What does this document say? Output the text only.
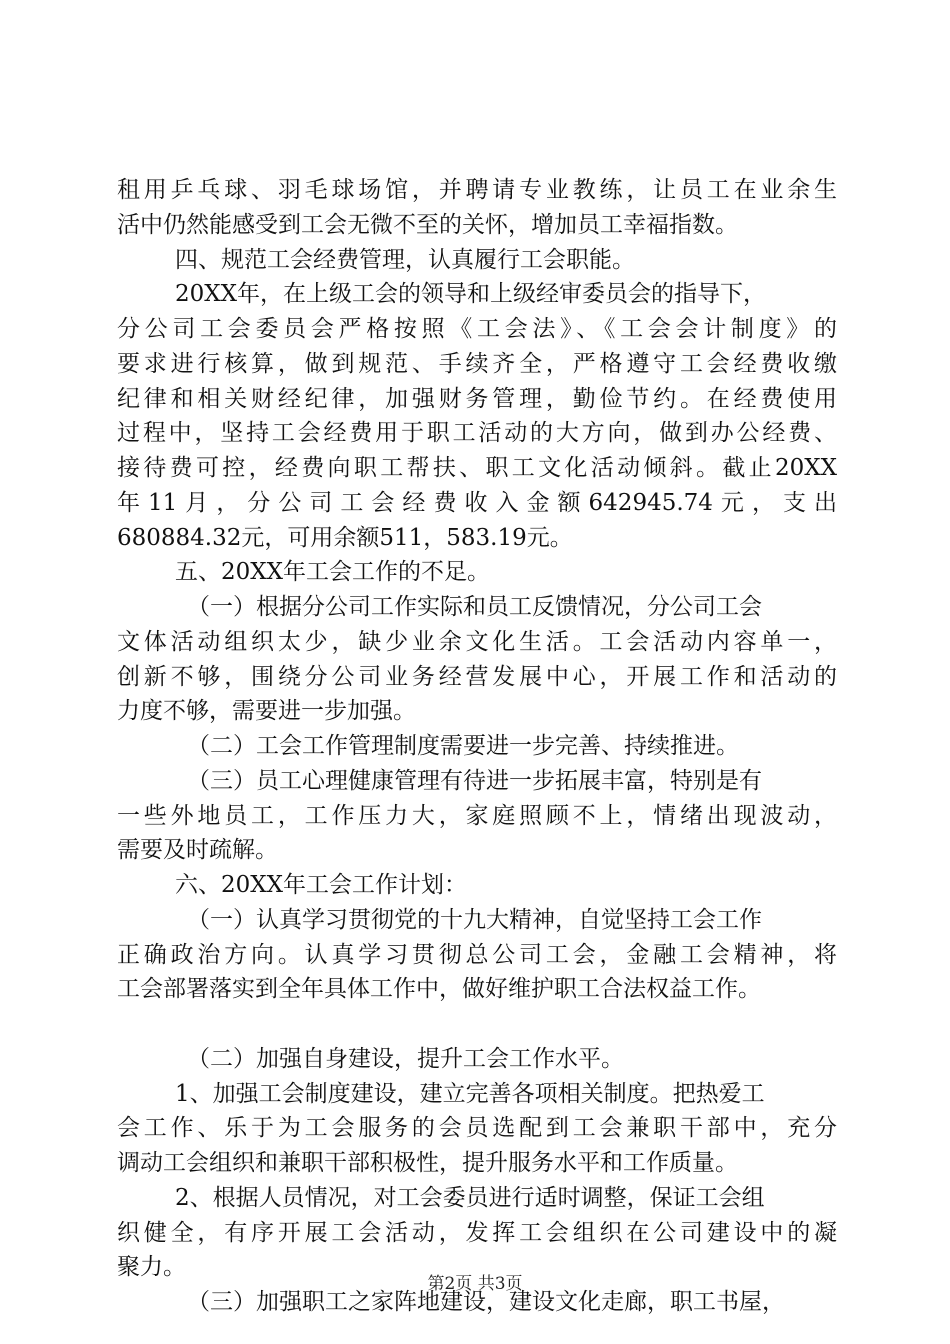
租用乒乓球、羽毛球场馆，并聘请专业教练，让员工在业余生
活中仍然能感受到工会无微不至的关怀，增加员工幸福指数。
四、规范工会经费管理，认真履行工会职能。
20XX年，在上级工会的领导和上级经审委员会的指导下，
分公司工会委员会严格按照《工会法》、《工会会计制度》的
要求进行核算，做到规范、手续齐全，严格遵守工会经费收缴
纪律和相关财经纪律，加强财务管理，勤俭节约。在经费使用
过程中，坚持工会经费用于职工活动的大方向，做到办公经费、
接待费可控，经费向职工帮扶、职工文化活动倾斜。截止20XX
年11月，分公司工会经费收入金额642945.74元，支出
680884.32元，可用余额511，583.19元。
五、20XX年工会工作的不足。
（一）根据分公司工作实际和员工反馈情况，分公司工会
文体活动组织太少，缺少业余文化生活。工会活动内容单一，
创新不够，围绕分公司业务经营发展中心，开展工作和活动的
力度不够，需要进一步加强。
（二）工会工作管理制度需要进一步完善、持续推进。
（三）员工心理健康管理有待进一步拓展丰富，特别是有
一些外地员工，工作压力大，家庭照顾不上，情绪出现波动，
需要及时疏解。
六、20XX年工会工作计划：
（一）认真学习贯彻党的十九大精神，自觉坚持工会工作
正确政治方向。认真学习贯彻总公司工会，金融工会精神，将
工会部署落实到全年具体工作中，做好维护职工合法权益工作。
（二）加强自身建设，提升工会工作水平。
1、加强工会制度建设，建立完善各项相关制度。把热爱工
会工作、乐于为工会服务的会员选配到工会兼职干部中，充分
调动工会组织和兼职干部积极性，提升服务水平和工作质量。
2、根据人员情况，对工会委员进行适时调整，保证工会组
织健全，有序开展工会活动，发挥工会组织在公司建设中的凝
聚力。
（三）加强职工之家阵地建设，建设文化走廊，职工书屋，
第2页 共3页
